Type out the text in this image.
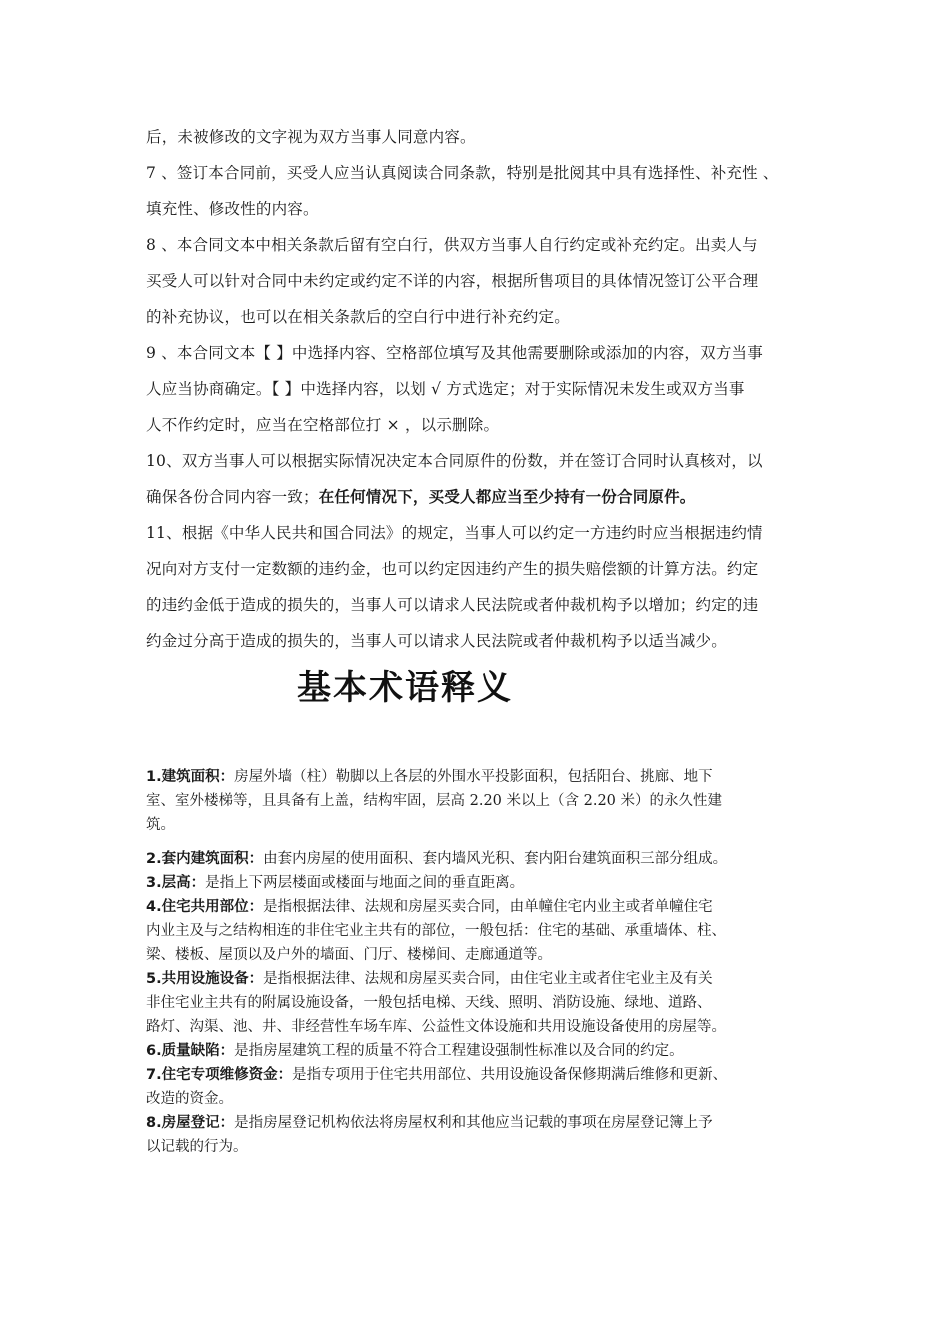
后，未被修改的文字视为双方当事人同意内容。
7 、签订本合同前，买受人应当认真阅读合同条款，特别是批阅其中具有选择性、补充性 、
填充性、修改性的内容。
8 、本合同文本中相关条款后留有空白行，供双方当事人自行约定或补充约定。出卖人与
买受人可以针对合同中未约定或约定不详的内容，根据所售项目的具体情况签订公平合理
的补充协议，也可以在相关条款后的空白行中进行补充约定。
9 、本合同文本【 】中选择内容、空格部位填写及其他需要删除或添加的内容，双方当事
人应当协商确定。【 】中选择内容，以划 √ 方式选定；对于实际情况未发生或双方当事
人不作约定时，应当在空格部位打 × ，以示删除。
10、双方当事人可以根据实际情况决定本合同原件的份数，并在签订合同时认真核对，以
确保各份合同内容一致；在任何情况下，买受人都应当至少持有一份合同原件。
11、根据《中华人民共和国合同法》的规定，当事人可以约定一方违约时应当根据违约情
况向对方支付一定数额的违约金，也可以约定因违约产生的损失赔偿额的计算方法。约定
的违约金低于造成的损失的，当事人可以请求人民法院或者仲裁机构予以增加；约定的违
约金过分高于造成的损失的，当事人可以请求人民法院或者仲裁机构予以适当减少。
基本术语释义
1.建筑面积：房屋外墙（柱）勒脚以上各层的外围水平投影面积，包括阳台、挑廊、地下
室、室外楼梯等，且具备有上盖，结构牢固，层高 2.20 米以上（含 2.20 米）的永久性建
筑。
2.套内建筑面积：由套内房屋的使用面积、套内墙风光积、套内阳台建筑面积三部分组成。
3.层高：是指上下两层楼面或楼面与地面之间的垂直距离。
4.住宅共用部位：是指根据法律、法规和房屋买卖合同，由单幢住宅内业主或者单幢住宅
内业主及与之结构相连的非住宅业主共有的部位，一般包括：住宅的基础、承重墙体、柱、
梁、楼板、屋顶以及户外的墙面、门厅、楼梯间、走廊通道等。
5.共用设施设备：是指根据法律、法规和房屋买卖合同，由住宅业主或者住宅业主及有关
非住宅业主共有的附属设施设备，一般包括电梯、天线、照明、消防设施、绿地、道路、
路灯、沟渠、池、井、非经营性车场车库、公益性文体设施和共用设施设备使用的房屋等。
6.质量缺陷：是指房屋建筑工程的质量不符合工程建设强制性标准以及合同的约定。
7.住宅专项维修资金：是指专项用于住宅共用部位、共用设施设备保修期满后维修和更新、
改造的资金。
8.房屋登记：是指房屋登记机构依法将房屋权利和其他应当记载的事项在房屋登记簿上予
以记载的行为。
